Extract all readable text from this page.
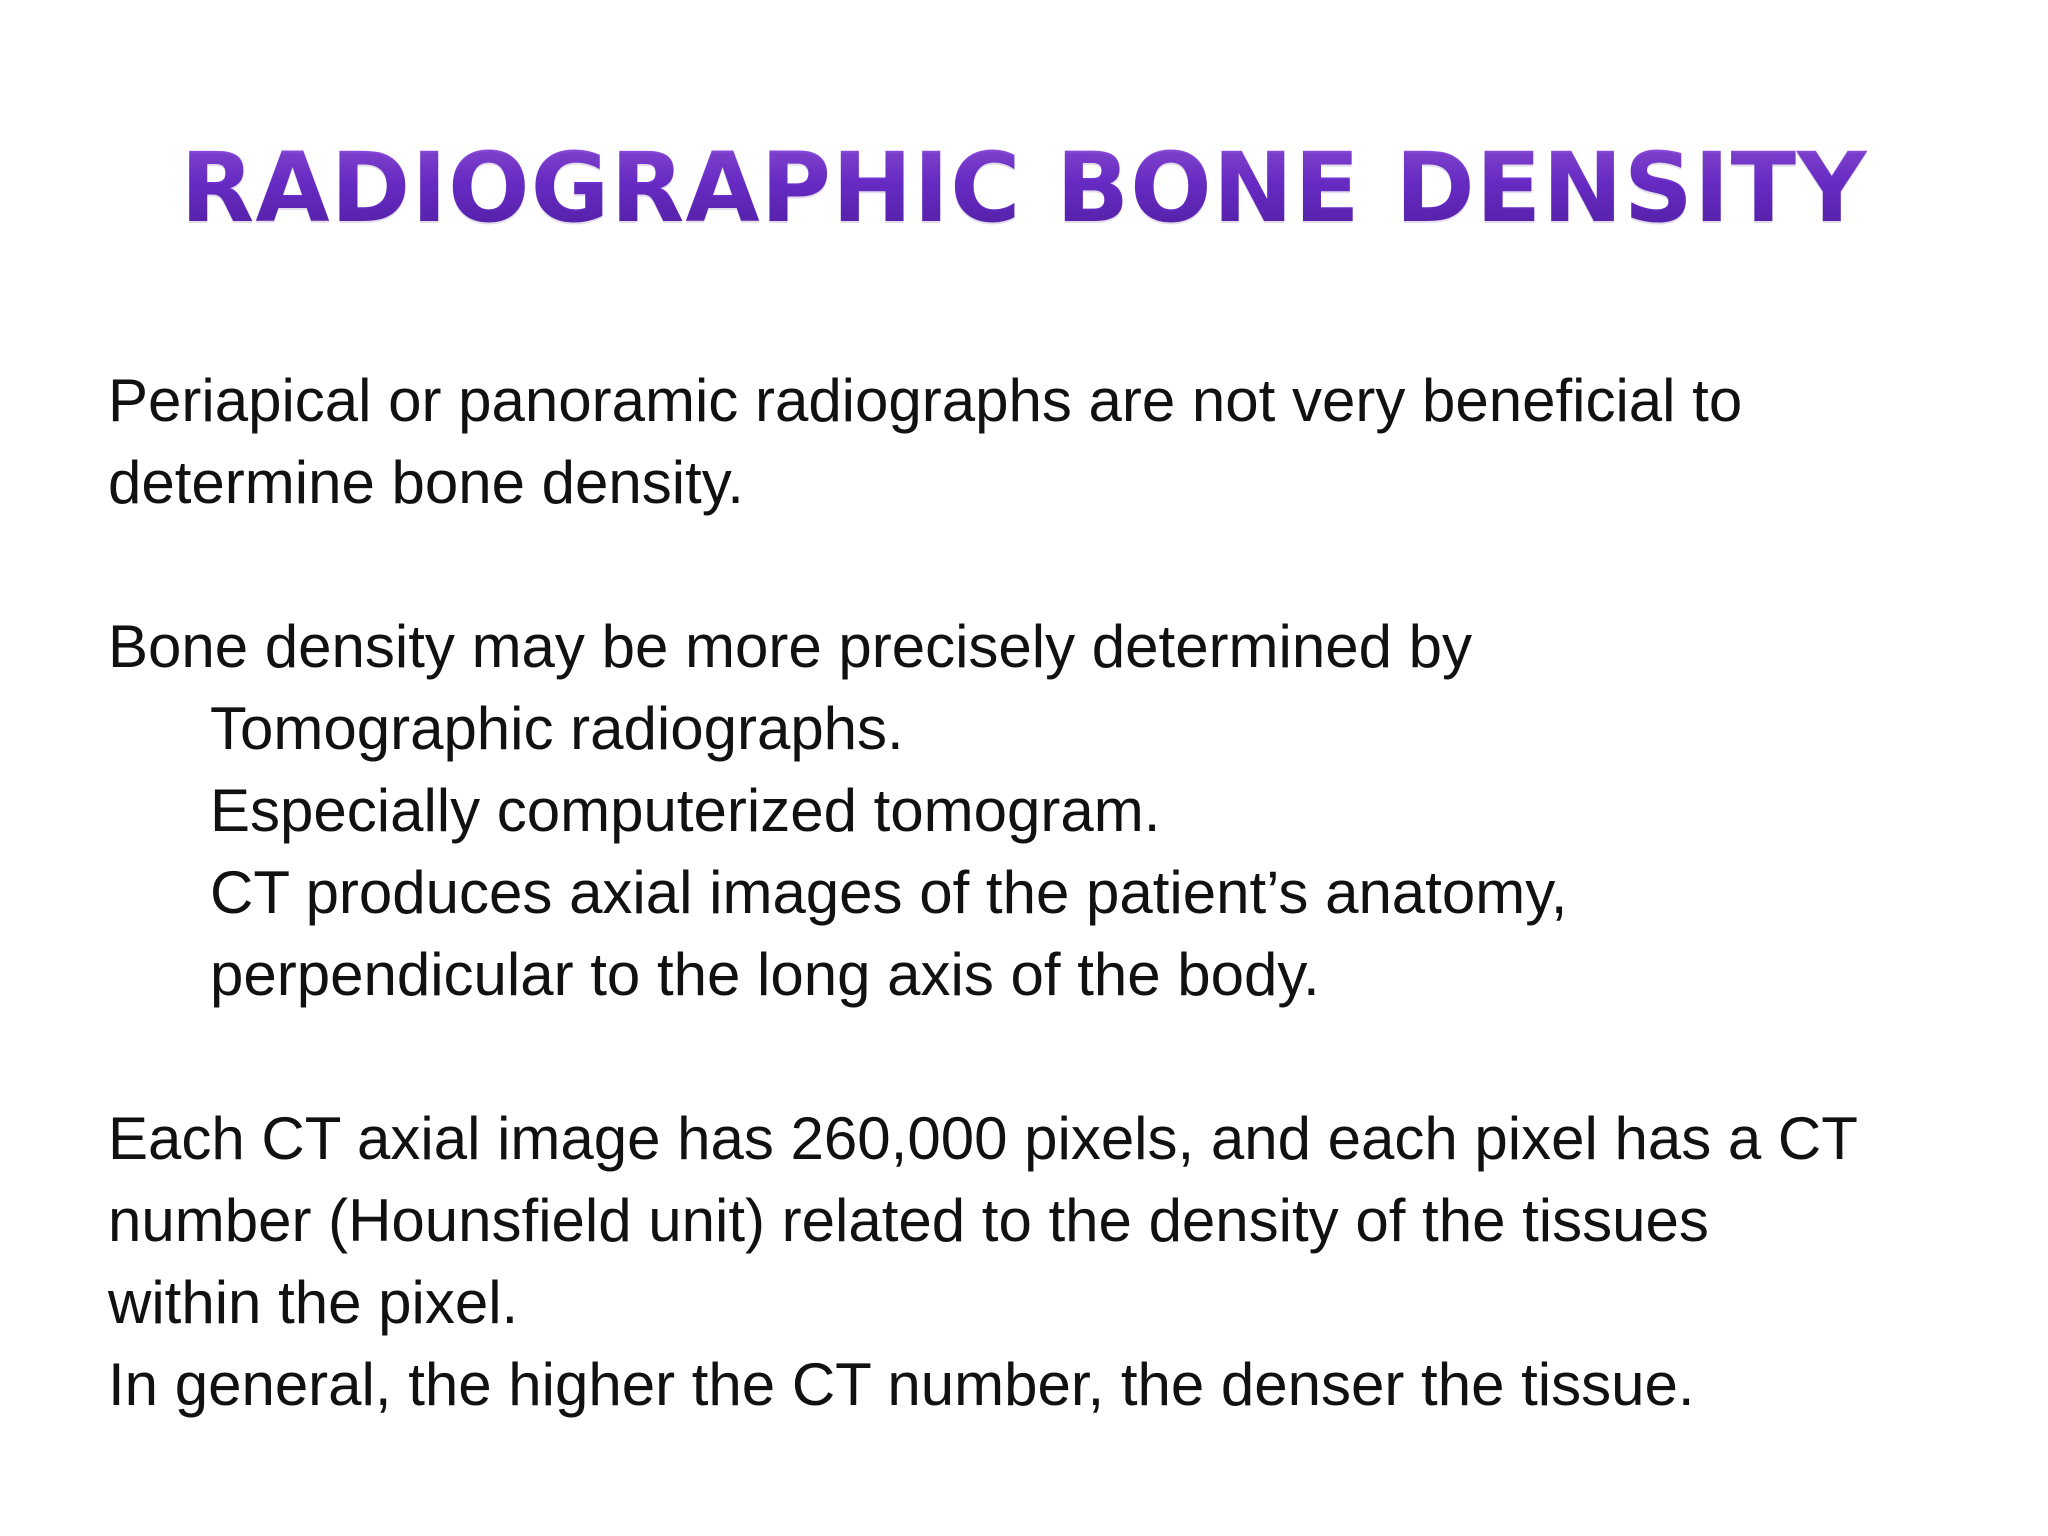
RADIOGRAPHIC BONE DENSITY
Periapical or panoramic radiographs are not very beneficial to
determine bone density.
Bone density may be more precisely determined by
Tomographic radiographs.
Especially computerized tomogram.
CT produces axial images of the patient’s anatomy,
perpendicular to the long axis of the body.
Each CT axial image has 260,000 pixels, and each pixel has a CT
number (Hounsfield unit) related to the density of the tissues
within the pixel.
In general, the higher the CT number, the denser the tissue.
